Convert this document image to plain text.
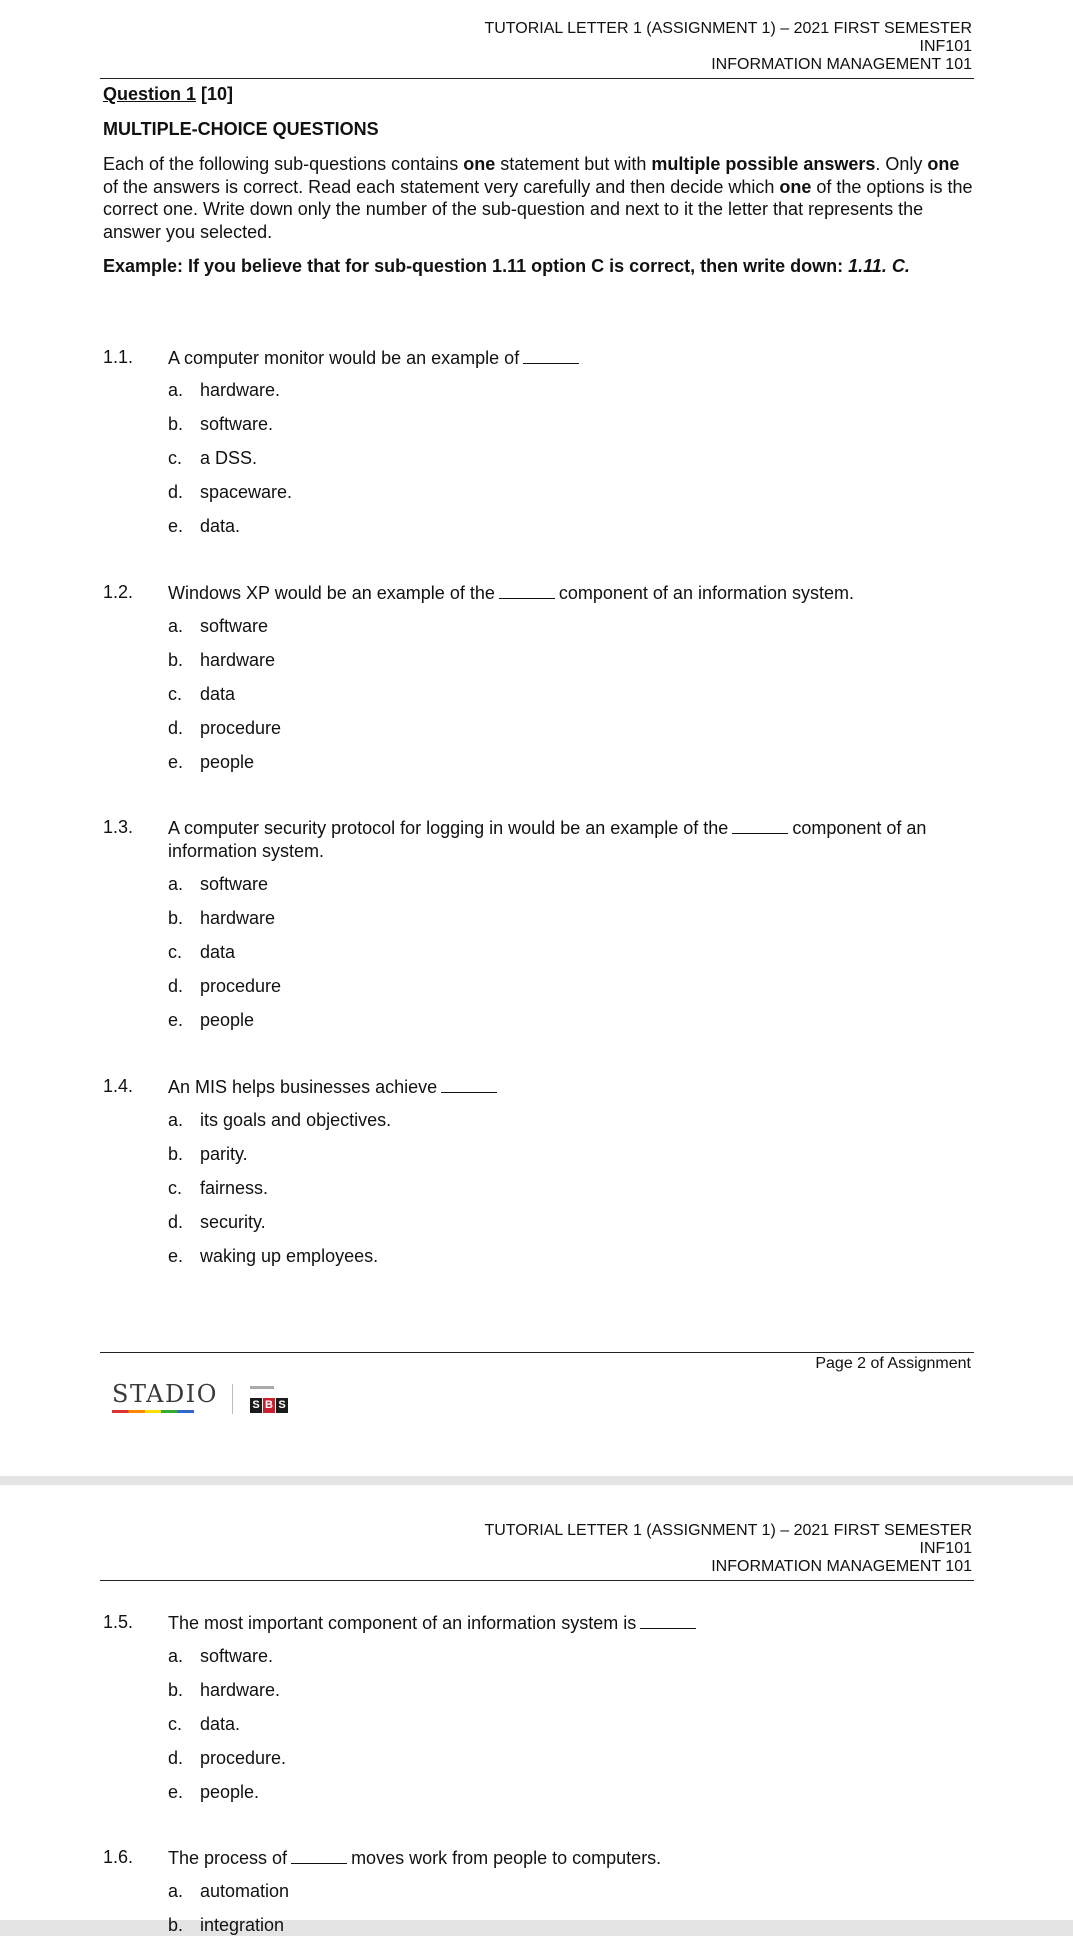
TUTORIAL LETTER 1 (ASSIGNMENT 1) – 2021 FIRST SEMESTER
INF101
INFORMATION MANAGEMENT 101
Question 1 [10]
MULTIPLE-CHOICE QUESTIONS
Each of the following sub-questions contains one statement but with multiple possible answers. Only one of the answers is correct. Read each statement very carefully and then decide which one of the options is the correct one. Write down only the number of the sub-question and next to it the letter that represents the answer you selected.
Example: If you believe that for sub-question 1.11 option C is correct, then write down: 1.11. C.
1.1. A computer monitor would be an example of
a. hardware.
b. software.
c. a DSS.
d. spaceware.
e. data.
1.2. Windows XP would be an example of the	component of an information system.
a. software
b. hardware
c. data
d. procedure
e. people
1.3. A computer security protocol for logging in would be an example of the	component of an information system.
a. software
b. hardware
c. data
d. procedure
e. people
1.4. An MIS helps businesses achieve
a. its goals and objectives.
b. parity.
c. fairness.
d. security.
e. waking up employees.
Page 2 of Assignment
STADIO	S B S
TUTORIAL LETTER 1 (ASSIGNMENT 1) – 2021 FIRST SEMESTER
INF101
INFORMATION MANAGEMENT 101
1.5. The most important component of an information system is
a. software.
b. hardware.
c. data.
d. procedure.
e. people.
1.6. The process of	moves work from people to computers.
a. automation
b. integration
